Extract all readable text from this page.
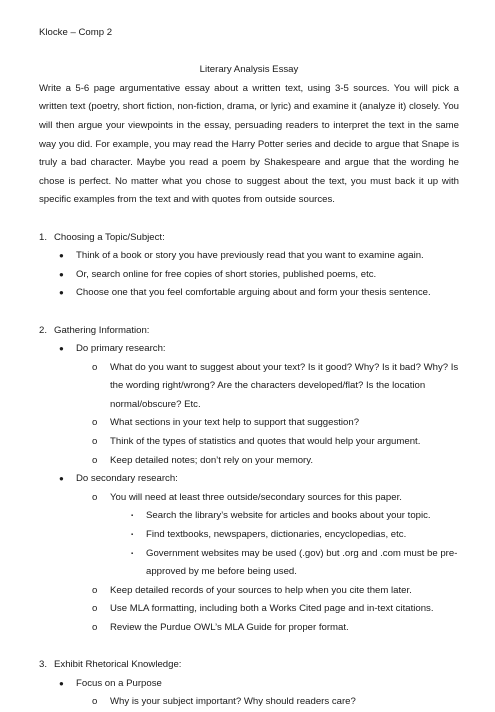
Klocke – Comp 2

Literary Analysis Essay

Write a 5-6 page argumentative essay about a written text, using 3-5 sources. You will pick a written text (poetry, short fiction, non-fiction, drama, or lyric) and examine it (analyze it) closely. You will then argue your viewpoints in the essay, persuading readers to interpret the text in the same way you did. For example, you may read the Harry Potter series and decide to argue that Snape is truly a bad character. Maybe you read a poem by Shakespeare and argue that the wording he chose is perfect. No matter what you chose to suggest about the text, you must back it up with specific examples from the text and with quotes from outside sources.

1. Choosing a Topic/Subject:

● Think of a book or story you have previously read that you want to examine again.

● Or, search online for free copies of short stories, published poems, etc.

● Choose one that you feel comfortable arguing about and form your thesis sentence.

2. Gathering Information:

● Do primary research:

o What do you want to suggest about your text? Is it good? Why? Is it bad? Why? Is the wording right/wrong? Are the characters developed/flat? Is the location normal/obscure? Etc.

o What sections in your text help to support that suggestion?

o Think of the types of statistics and quotes that would help your argument.

o Keep detailed notes; don’t rely on your memory.

● Do secondary research:

o You will need at least three outside/secondary sources for this paper.

▪ Search the library’s website for articles and books about your topic.

▪ Find textbooks, newspapers, dictionaries, encyclopedias, etc.

▪ Government websites may be used (.gov) but .org and .com must be pre-approved by me before being used.

o Keep detailed records of your sources to help when you cite them later.

o Use MLA formatting, including both a Works Cited page and in-text citations.

o Review the Purdue OWL’s MLA Guide for proper format.

3. Exhibit Rhetorical Knowledge:

● Focus on a Purpose

o Why is your subject important? Why should readers care?
